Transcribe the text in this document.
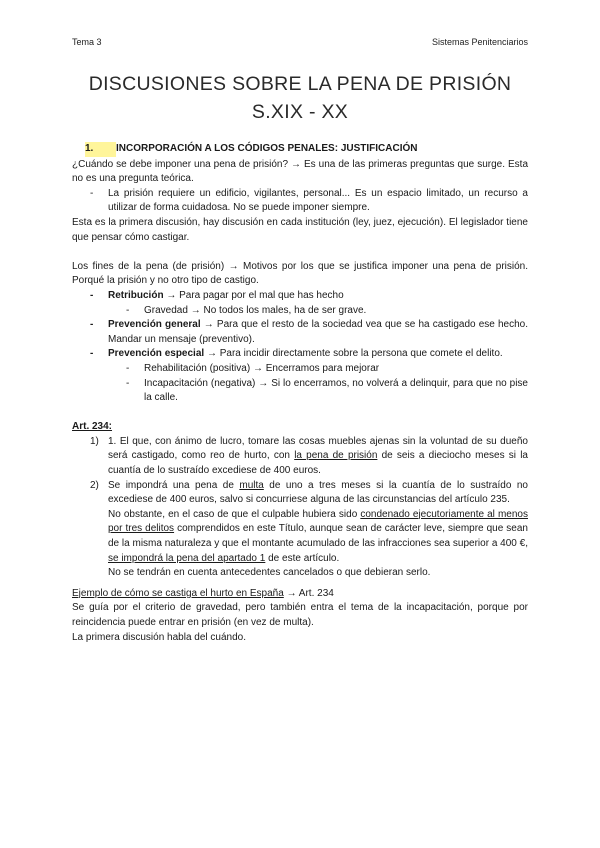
Tema 3	Sistemas Penitenciarios
DISCUSIONES SOBRE LA PENA DE PRISIÓN
S.XIX - XX
1. INCORPORACIÓN A LOS CÓDIGOS PENALES: JUSTIFICACIÓN

¿Cuándo se debe imponer una pena de prisión? → Es una de las primeras preguntas que surge. Esta no es una pregunta teórica.

- La prisión requiere un edificio, vigilantes, personal... Es un espacio limitado, un recurso a utilizar de forma cuidadosa. No se puede imponer siempre.

Esta es la primera discusión, hay discusión en cada institución (ley, juez, ejecución). El legislador tiene que pensar cómo castigar.

Los fines de la pena (de prisión) → Motivos por los que se justifica imponer una pena de prisión. Porqué la prisión y no otro tipo de castigo.

- Retribución → Para pagar por el mal que has hecho
- Gravedad → No todos los males, ha de ser grave.
- Prevención general → Para que el resto de la sociedad vea que se ha castigado ese hecho. Mandar un mensaje (preventivo).
- Prevención especial → Para incidir directamente sobre la persona que comete el delito.
- Rehabilitación (positiva) → Encerramos para mejorar
- Incapacitación (negativa) → Si lo encerramos, no volverá a delinquir, para que no pise la calle.
Art. 234:
1) 1. El que, con ánimo de lucro, tomare las cosas muebles ajenas sin la voluntad de su dueño será castigado, como reo de hurto, con la pena de prisión de seis a dieciocho meses si la cuantía de lo sustraído excediese de 400 euros.
2) Se impondrá una pena de multa de uno a tres meses si la cuantía de lo sustraído no excediese de 400 euros, salvo si concurriese alguna de las circunstancias del artículo 235.
No obstante, en el caso de que el culpable hubiera sido condenado ejecutoriamente al menos por tres delitos comprendidos en este Título, aunque sean de carácter leve, siempre que sean de la misma naturaleza y que el montante acumulado de las infracciones sea superior a 400 €, se impondrá la pena del apartado 1 de este artículo.
No se tendrán en cuenta antecedentes cancelados o que debieran serlo.

Ejemplo de cómo se castiga el hurto en España → Art. 234

Se guía por el criterio de gravedad, pero también entra el tema de la incapacitación, porque por reincidencia puede entrar en prisión (en vez de multa).

La primera discusión habla del cuándo.
